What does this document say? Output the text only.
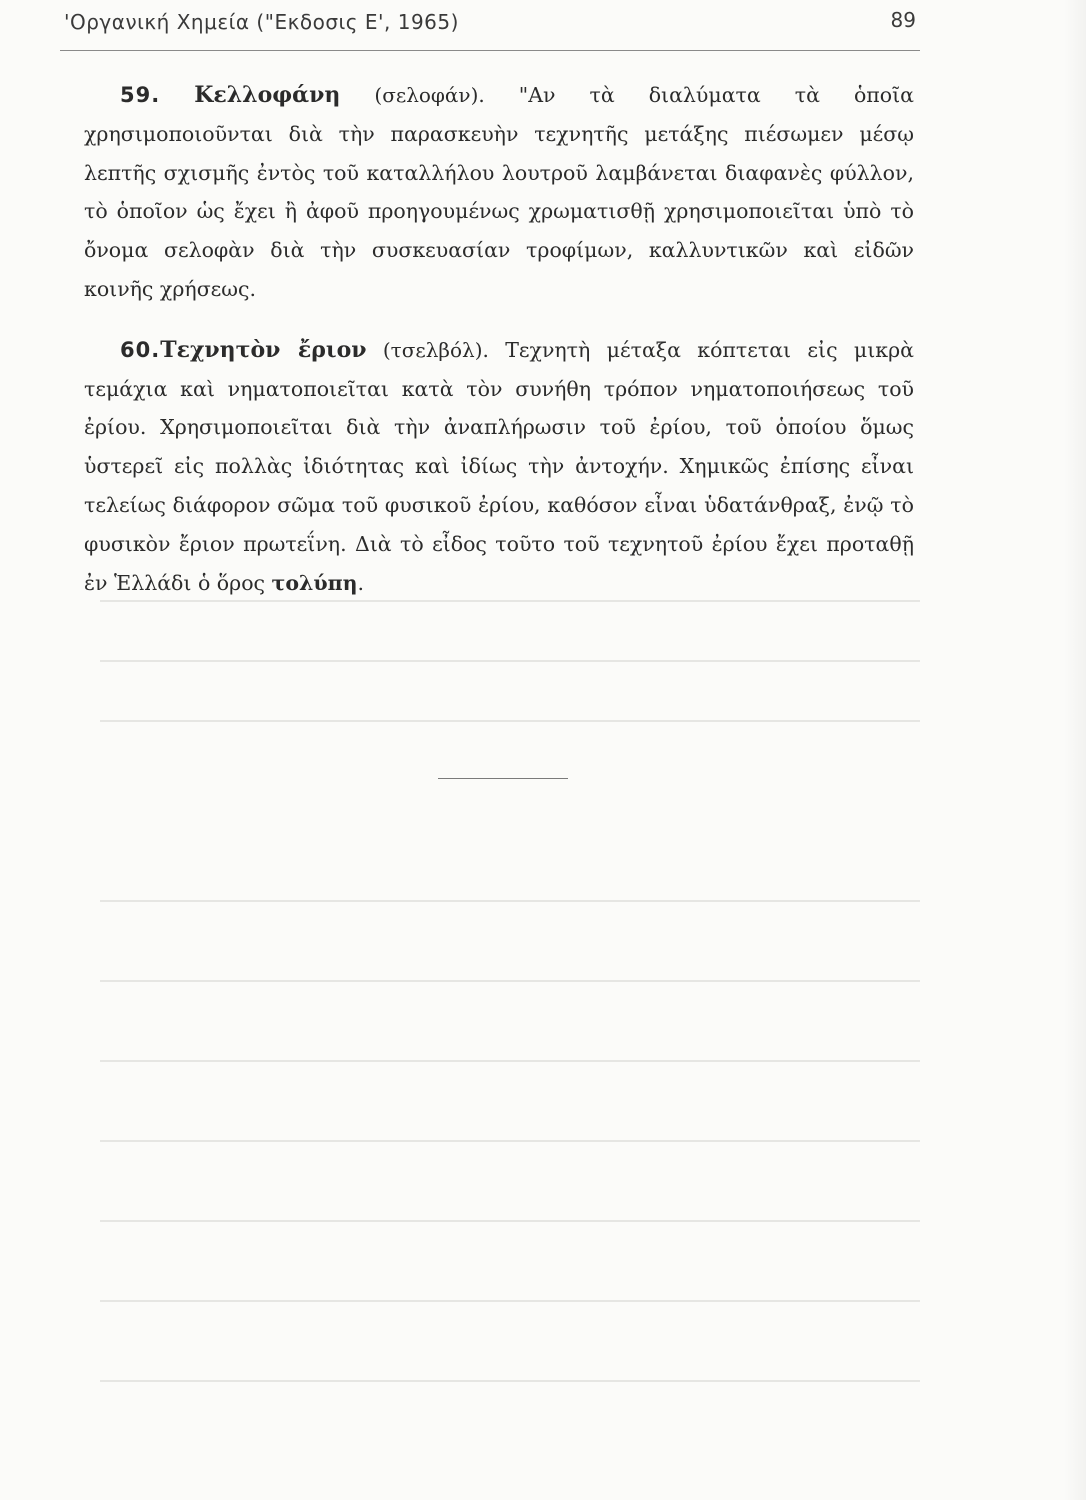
'Οργανική Χημεία ("Εκδοσις Ε', 1965)	89

59. Κελλοφάνη (σελοφάν). "Αν τὰ διαλύματα τὰ ὁποῖα χρησιμοποιοῦνται διὰ τὴν παρασκευὴν τεχνητῆς μετάξης πιέσωμεν μέσῳ λεπτῆς σχισμῆς ἐντὸς τοῦ καταλλήλου λουτροῦ λαμβάνεται διαφανὲς φύλλον, τὸ ὁποῖον ὡς ἔχει ἢ ἀφοῦ προηγουμένως χρωματισθῇ χρησιμοποιεῖται ὑπὸ τὸ ὄνομα σελοφὰν διὰ τὴν συσκευασίαν τροφίμων, καλλυντικῶν καὶ εἰδῶν κοινῆς χρήσεως.

60.Τεχνητὸν ἔριον (τσελβόλ). Τεχνητὴ μέταξα κόπτεται εἰς μικρὰ τεμάχια καὶ νηματοποιεῖται κατὰ τὸν συνήθη τρόπον νηματοποιήσεως τοῦ ἐρίου. Χρησιμοποιεῖται διὰ τὴν ἀναπλήρωσιν τοῦ ἐρίου, τοῦ ὁποίου ὅμως ὑστερεῖ εἰς πολλὰς ἰδιότητας καὶ ἰδίως τὴν ἀντοχήν. Χημικῶς ἐπίσης εἶναι τελείως διάφορον σῶμα τοῦ φυσικοῦ ἐρίου, καθόσον εἶναι ὑδατάνθραξ, ἐνῷ τὸ φυσικὸν ἔριον πρωτεΐνη. Διὰ τὸ εἶδος τοῦτο τοῦ τεχνητοῦ ἐρίου ἔχει προταθῇ ἐν Ἑλλάδι ὁ ὅρος τολύπη.
